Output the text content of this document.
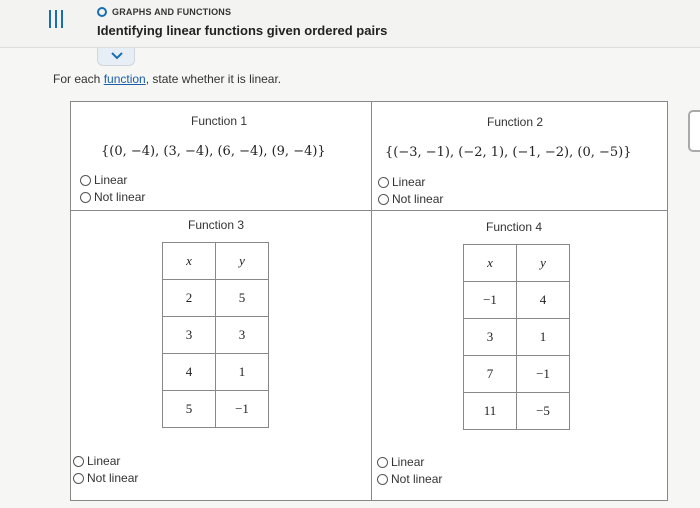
GRAPHS AND FUNCTIONS
Identifying linear functions given ordered pairs
For each function, state whether it is linear.
Function 1
{(0, −4), (3, −4), (6, −4), (9, −4)}
Linear
Not linear
Function 2
{(−3, −1), (−2, 1), (−1, −2), (0, −5)}
Linear
Not linear
Function 3
x	y
2	5
3	3
4	1
5	−1
Linear
Not linear
Function 4
x	y
−1	4
3	1
7	−1
11	−5
Linear
Not linear
